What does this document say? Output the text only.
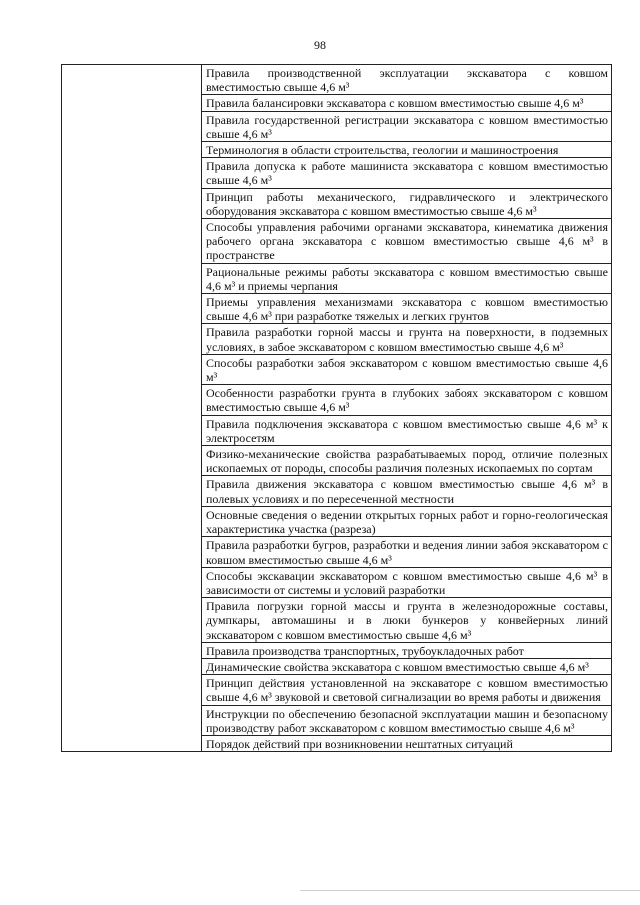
98
	Правила производственной эксплуатации экскаватора с ковшом вместимостью свыше 4,6 м³
Правила балансировки экскаватора с ковшом вместимостью свыше 4,6 м³
Правила государственной регистрации экскаватора с ковшом вместимостью свыше 4,6 м³
Терминология в области строительства, геологии и машиностроения
Правила допуска к работе машиниста экскаватора с ковшом вместимостью свыше 4,6 м³
Принцип работы механического, гидравлического и электрического оборудования экскаватора с ковшом вместимостью свыше 4,6 м³
Способы управления рабочими органами экскаватора, кинематика движения рабочего органа экскаватора с ковшом вместимостью свыше 4,6 м³ в пространстве
Рациональные режимы работы экскаватора с ковшом вместимостью свыше 4,6 м³ и приемы черпания
Приемы управления механизмами экскаватора с ковшом вместимостью свыше 4,6 м³ при разработке тяжелых и легких грунтов
Правила разработки горной массы и грунта на поверхности, в подземных условиях, в забое экскаватором с ковшом вместимостью свыше 4,6 м³
Способы разработки забоя экскаватором с ковшом вместимостью свыше 4,6 м³
Особенности разработки грунта в глубоких забоях экскаватором с ковшом вместимостью свыше 4,6 м³
Правила подключения экскаватора с ковшом вместимостью свыше 4,6 м³ к электросетям
Физико-механические свойства разрабатываемых пород, отличие полезных ископаемых от породы, способы различия полезных ископаемых по сортам
Правила движения экскаватора с ковшом вместимостью свыше 4,6 м³ в полевых условиях и по пересеченной местности
Основные сведения о ведении открытых горных работ и горно-геологическая характеристика участка (разреза)
Правила разработки бугров, разработки и ведения линии забоя экскаватором с ковшом вместимостью свыше 4,6 м³
Способы экскавации экскаватором с ковшом вместимостью свыше 4,6 м³ в зависимости от системы и условий разработки
Правила погрузки горной массы и грунта в железнодорожные составы, думпкары, автомашины и в люки бункеров у конвейерных линий экскаватором с ковшом вместимостью свыше 4,6 м³
Правила производства транспортных, трубоукладочных работ
Динамические свойства экскаватора с ковшом вместимостью свыше 4,6 м³
Принцип действия установленной на экскаваторе с ковшом вместимостью свыше 4,6 м³ звуковой и световой сигнализации во время работы и движения
Инструкции по обеспечению безопасной эксплуатации машин и безопасному производству работ экскаватором с ковшом вместимостью свыше 4,6 м³
Порядок действий при возникновении нештатных ситуаций
